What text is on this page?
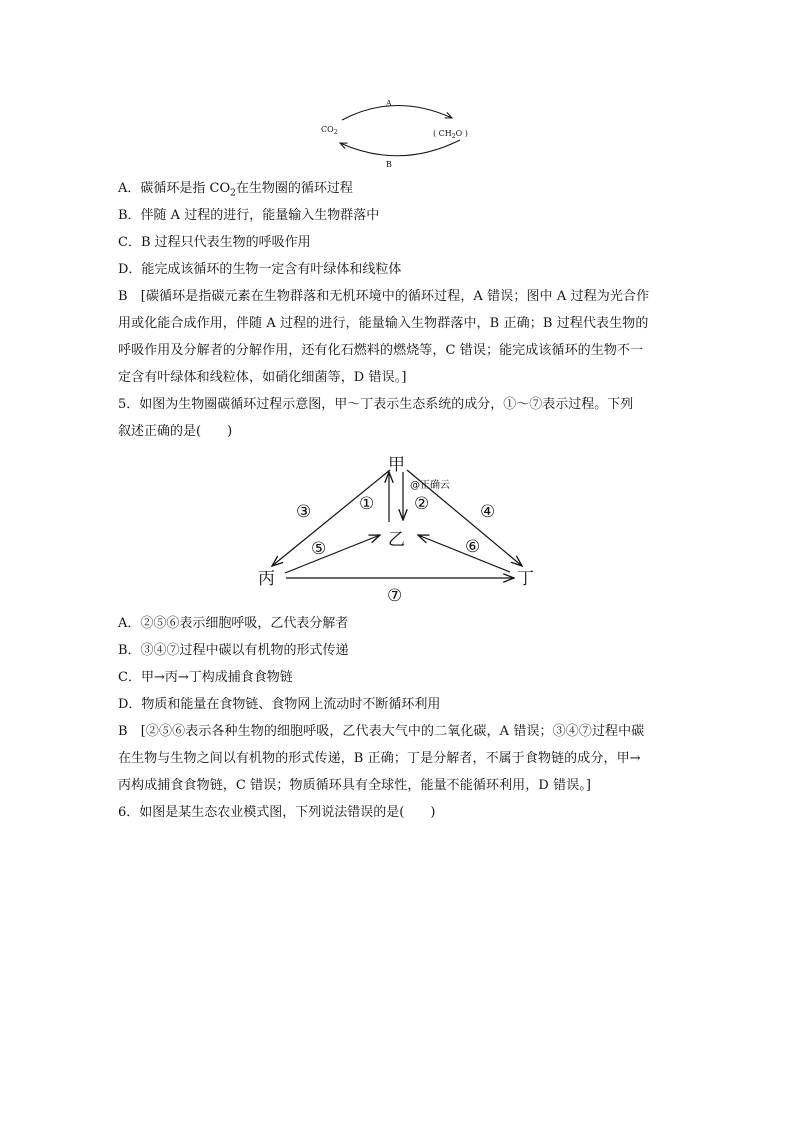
A
B
$CO_2$	( $CH_2O$ )
A．碳循环是指 $CO_2$在生物圈的循环过程
B．伴随 A 过程的进行，能量输入生物群落中
C．B 过程只代表生物的呼吸作用
D．能完成该循环的生物一定含有叶绿体和线粒体
B　[碳循环是指碳元素在生物群落和无机环境中的循环过程，A 错误；图中 A 过程为光合作
用或化能合成作用，伴随 A 过程的进行，能量输入生物群落中，B 正确；B 过程代表生物的
呼吸作用及分解者的分解作用，还有化石燃料的燃烧等，C 错误；能完成该循环的生物不一
定含有叶绿体和线粒体，如硝化细菌等，D 错误。]
5．如图为生物圈碳循环过程示意图，甲～丁表示生态系统的成分，①～⑦表示过程。下列
叙述正确的是(　　)
甲
乙
丙	丁
① ②
③	④
⑤	⑥
⑦
@正确云
A．②⑤⑥表示细胞呼吸，乙代表分解者
B．③④⑦过程中碳以有机物的形式传递
C．甲→丙→丁构成捕食食物链
D．物质和能量在食物链、食物网上流动时不断循环利用
B　[②⑤⑥表示各种生物的细胞呼吸，乙代表大气中的二氧化碳，A 错误；③④⑦过程中碳
在生物与生物之间以有机物的形式传递，B 正确；丁是分解者，不属于食物链的成分，甲→
丙构成捕食食物链，C 错误；物质循环具有全球性，能量不能循环利用，D 错误。]
6．如图是某生态农业模式图，下列说法错误的是(　　)
